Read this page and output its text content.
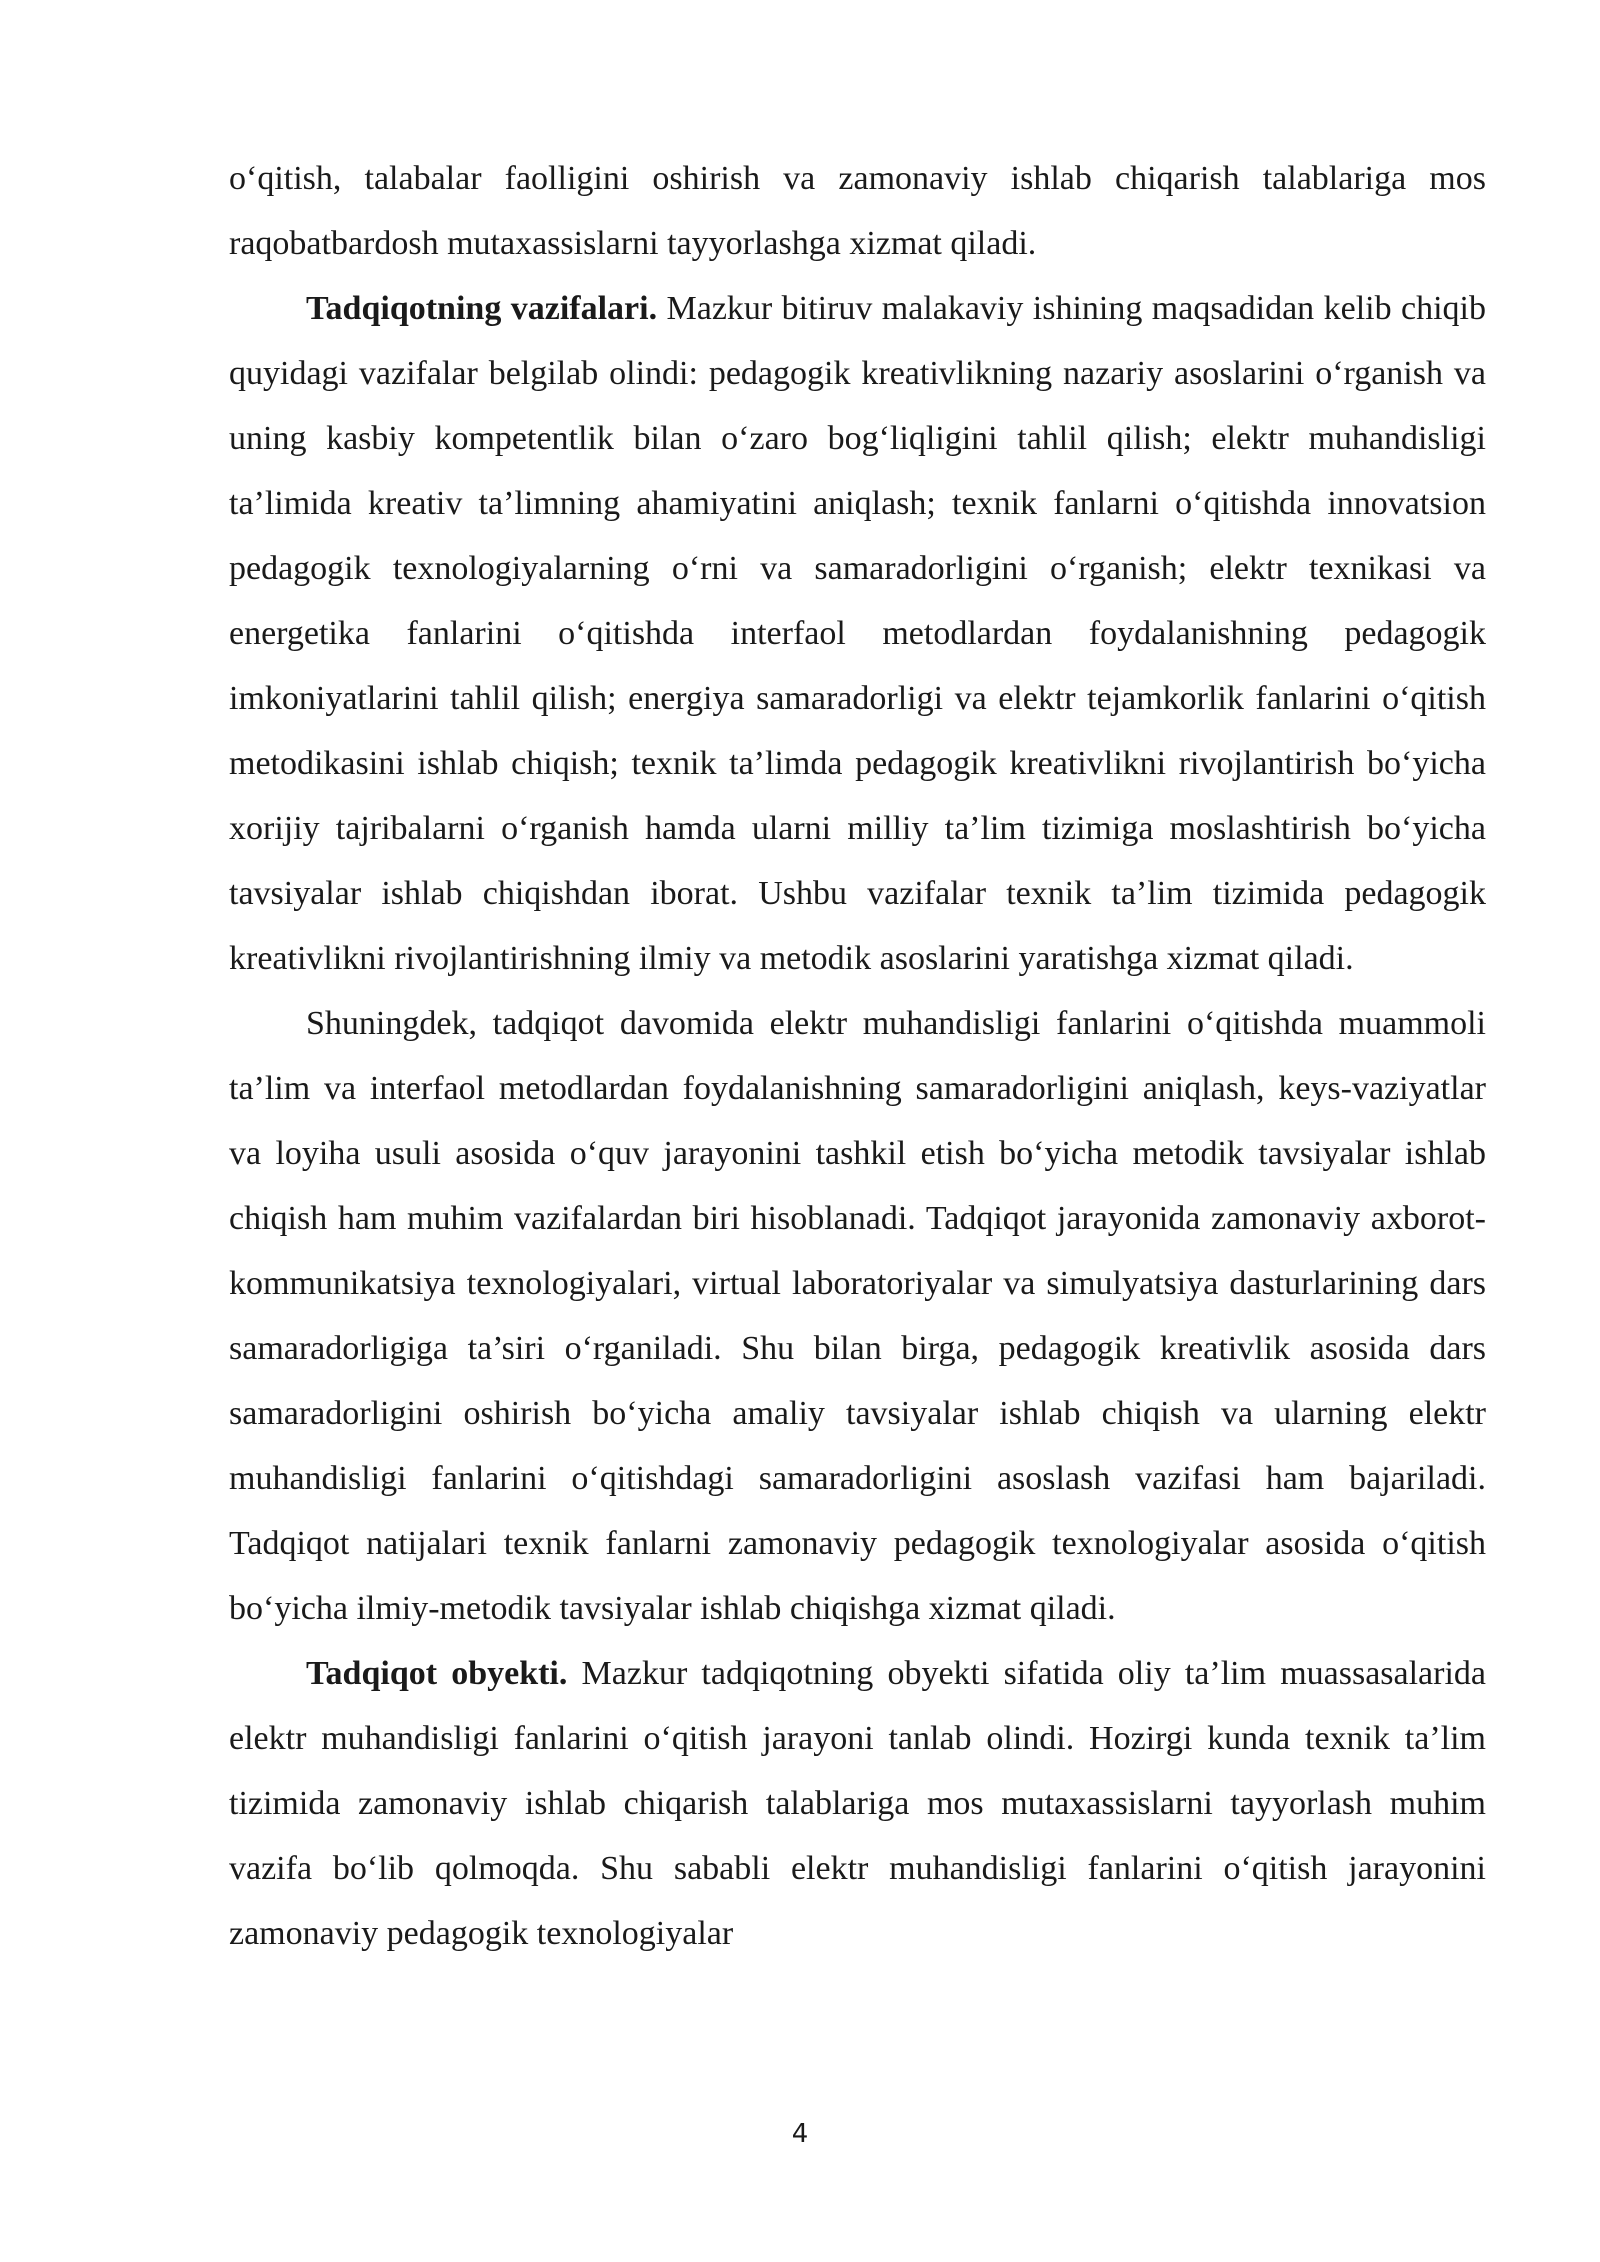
o‘qitish, talabalar faolligini oshirish va zamonaviy ishlab chiqarish talablariga mos raqobatbardosh mutaxassislarni tayyorlashga xizmat qiladi.

Tadqiqotning vazifalari. Mazkur bitiruv malakaviy ishining maqsadidan kelib chiqib quyidagi vazifalar belgilab olindi: pedagogik kreativlikning nazariy asoslarini o‘rganish va uning kasbiy kompetentlik bilan o‘zaro bog‘liqligini tahlil qilish; elektr muhandisligi ta’limida kreativ ta’limning ahamiyatini aniqlash; texnik fanlarni o‘qitishda innovatsion pedagogik texnologiyalarning o‘rni va samaradorligini o‘rganish; elektr texnikasi va energetika fanlarini o‘qitishda interfaol metodlardan foydalanishning pedagogik imkoniyatlarini tahlil qilish; energiya samaradorligi va elektr tejamkorlik fanlarini o‘qitish metodikasini ishlab chiqish; texnik ta’limda pedagogik kreativlikni rivojlantirish bo‘yicha xorijiy tajribalarni o‘rganish hamda ularni milliy ta’lim tizimiga moslashtirish bo‘yicha tavsiyalar ishlab chiqishdan iborat. Ushbu vazifalar texnik ta’lim tizimida pedagogik kreativlikni rivojlantirishning ilmiy va metodik asoslarini yaratishga xizmat qiladi.

Shuningdek, tadqiqot davomida elektr muhandisligi fanlarini o‘qitishda muammoli ta’lim va interfaol metodlardan foydalanishning samaradorligini aniqlash, keys-vaziyatlar va loyiha usuli asosida o‘quv jarayonini tashkil etish bo‘yicha metodik tavsiyalar ishlab chiqish ham muhim vazifalardan biri hisoblanadi. Tadqiqot jarayonida zamonaviy axborot-kommunikatsiya texnologiyalari, virtual laboratoriyalar va simulyatsiya dasturlarining dars samaradorligiga ta’siri o‘rganiladi. Shu bilan birga, pedagogik kreativlik asosida dars samaradorligini oshirish bo‘yicha amaliy tavsiyalar ishlab chiqish va ularning elektr muhandisligi fanlarini o‘qitishdagi samaradorligini asoslash vazifasi ham bajariladi. Tadqiqot natijalari texnik fanlarni zamonaviy pedagogik texnologiyalar asosida o‘qitish bo‘yicha ilmiy-metodik tavsiyalar ishlab chiqishga xizmat qiladi.

Tadqiqot obyekti. Mazkur tadqiqotning obyekti sifatida oliy ta’lim muassasalarida elektr muhandisligi fanlarini o‘qitish jarayoni tanlab olindi. Hozirgi kunda texnik ta’lim tizimida zamonaviy ishlab chiqarish talablariga mos mutaxassislarni tayyorlash muhim vazifa bo‘lib qolmoqda. Shu sababli elektr muhandisligi fanlarini o‘qitish jarayonini zamonaviy pedagogik texnologiyalar

4
